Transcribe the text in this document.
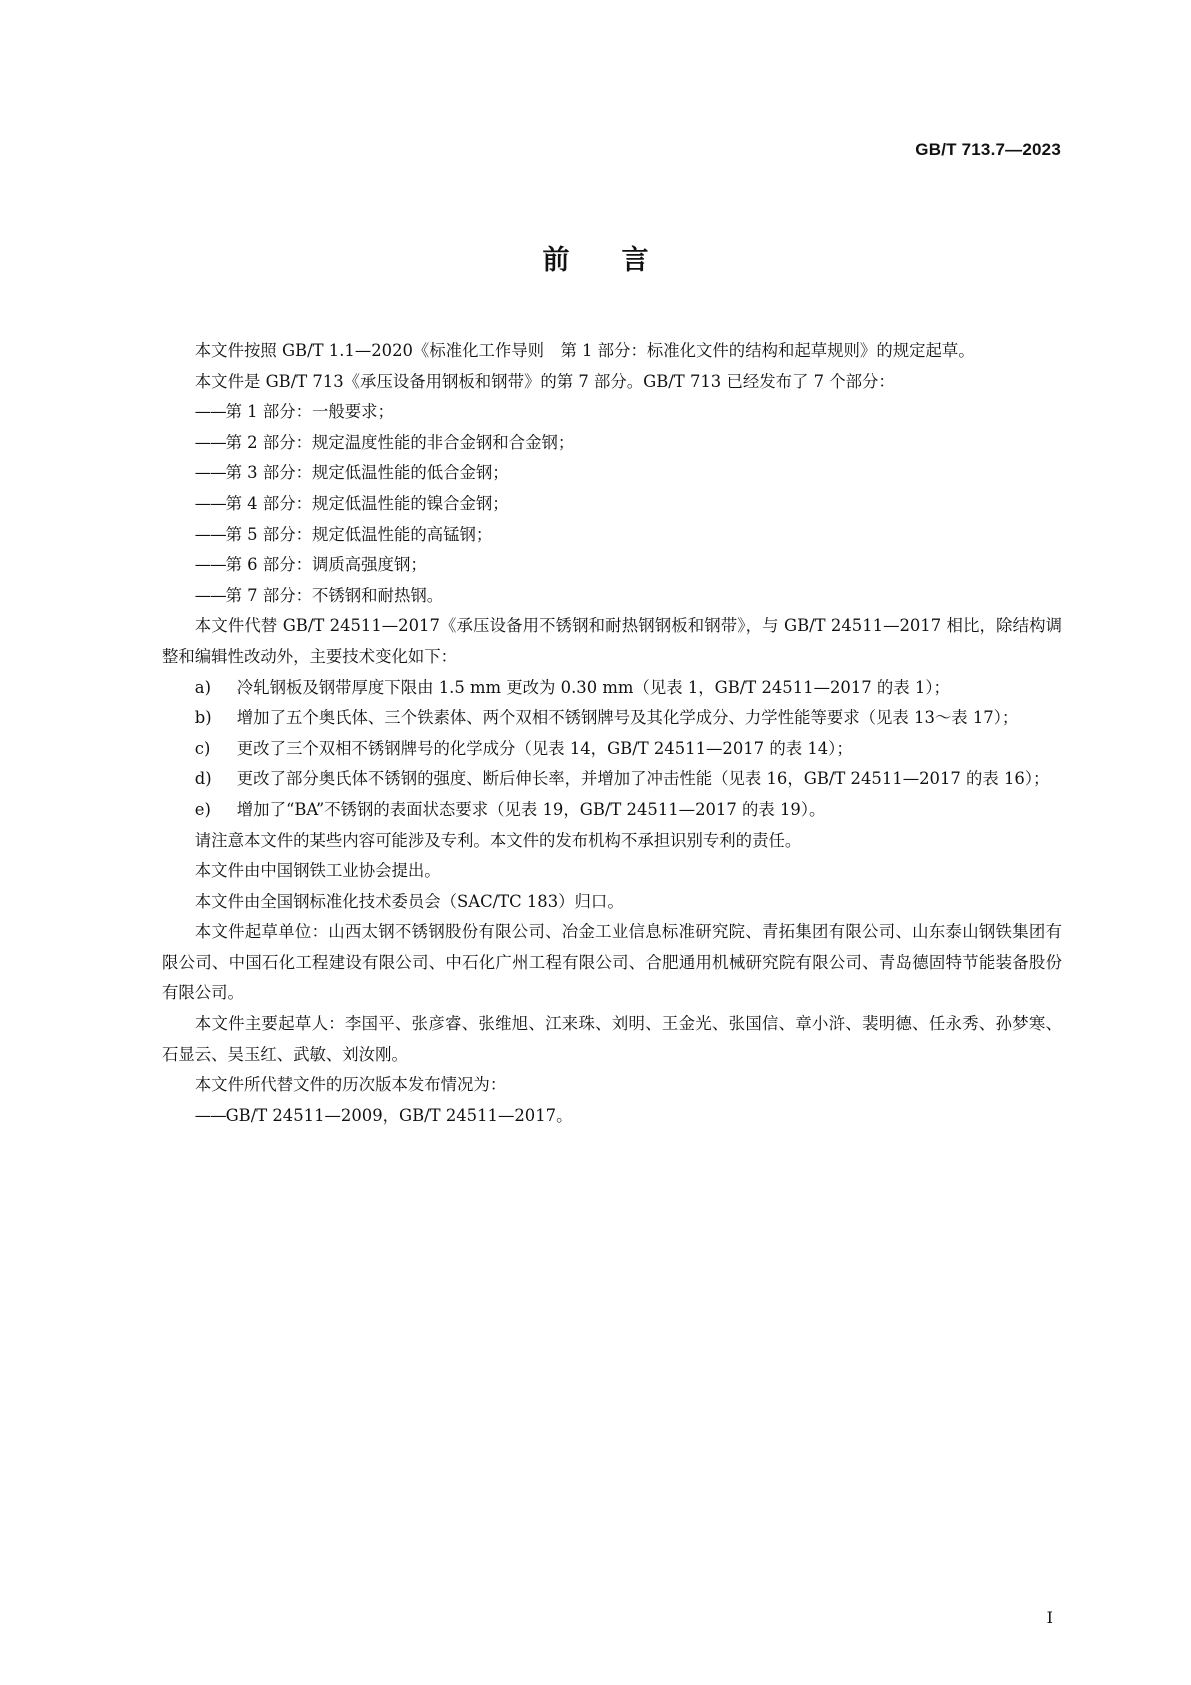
GB/T 713.7—2023
前言

本文件按照 GB/T 1.1—2020《标准化工作导则　第 1 部分：标准化文件的结构和起草规则》的规定起草。

本文件是 GB/T 713《承压设备用钢板和钢带》的第 7 部分。GB/T 713 已经发布了 7 个部分：

——第 1 部分：一般要求；

——第 2 部分：规定温度性能的非合金钢和合金钢；

——第 3 部分：规定低温性能的低合金钢；

——第 4 部分：规定低温性能的镍合金钢；

——第 5 部分：规定低温性能的高锰钢；

——第 6 部分：调质高强度钢；

——第 7 部分：不锈钢和耐热钢。

本文件代替 GB/T 24511—2017《承压设备用不锈钢和耐热钢钢板和钢带》，与 GB/T 24511—2017 相比，除结构调整和编辑性改动外，主要技术变化如下：

a)	冷轧钢板及钢带厚度下限由 1.5 mm 更改为 0.30 mm（见表 1，GB/T 24511—2017 的表 1）；
b)	增加了五个奥氏体、三个铁素体、两个双相不锈钢牌号及其化学成分、力学性能等要求（见表 13～表 17）；
c)	更改了三个双相不锈钢牌号的化学成分（见表 14，GB/T 24511—2017 的表 14）；
d)	更改了部分奥氏体不锈钢的强度、断后伸长率，并增加了冲击性能（见表 16，GB/T 24511—2017 的表 16）；
e)	增加了“BA”不锈钢的表面状态要求（见表 19，GB/T 24511—2017 的表 19）。

请注意本文件的某些内容可能涉及专利。本文件的发布机构不承担识别专利的责任。

本文件由中国钢铁工业协会提出。

本文件由全国钢标准化技术委员会（SAC/TC 183）归口。

本文件起草单位：山西太钢不锈钢股份有限公司、冶金工业信息标准研究院、青拓集团有限公司、山东泰山钢铁集团有限公司、中国石化工程建设有限公司、中石化广州工程有限公司、合肥通用机械研究院有限公司、青岛德固特节能装备股份有限公司。

本文件主要起草人：李国平、张彦睿、张维旭、江来珠、刘明、王金光、张国信、章小浒、裴明德、任永秀、孙梦寒、石显云、吴玉红、武敏、刘汝刚。

本文件所代替文件的历次版本发布情况为：

——GB/T 24511—2009，GB/T 24511—2017。

I
